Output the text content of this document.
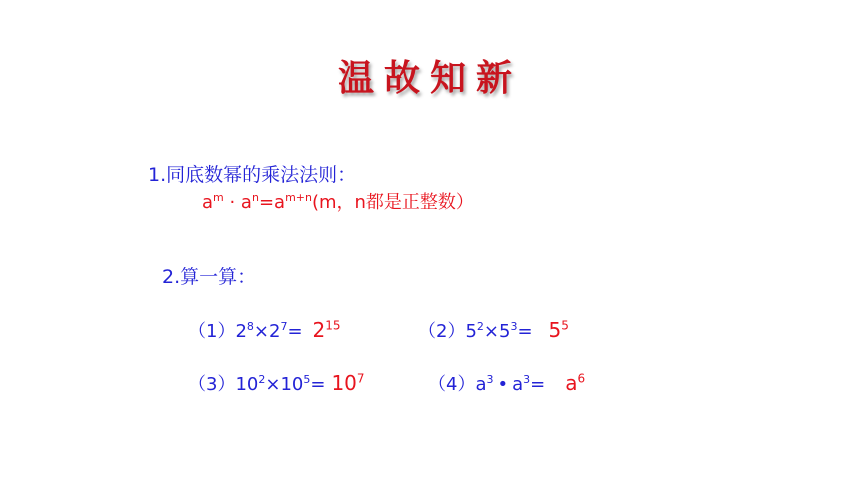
温故知新
1.同底数幂的乘法法则：
$a^m \cdot a^n=a^{m+n}(m$，n都是正整数）
2.算一算：
$(1)2^8\times 2^7= 2^{15}$	$(2)5^2\times 5^3= 5^5$
$(3)10^2\times 10^5= 10^7$	$(4)a^3$ • $a^3= a^6$
